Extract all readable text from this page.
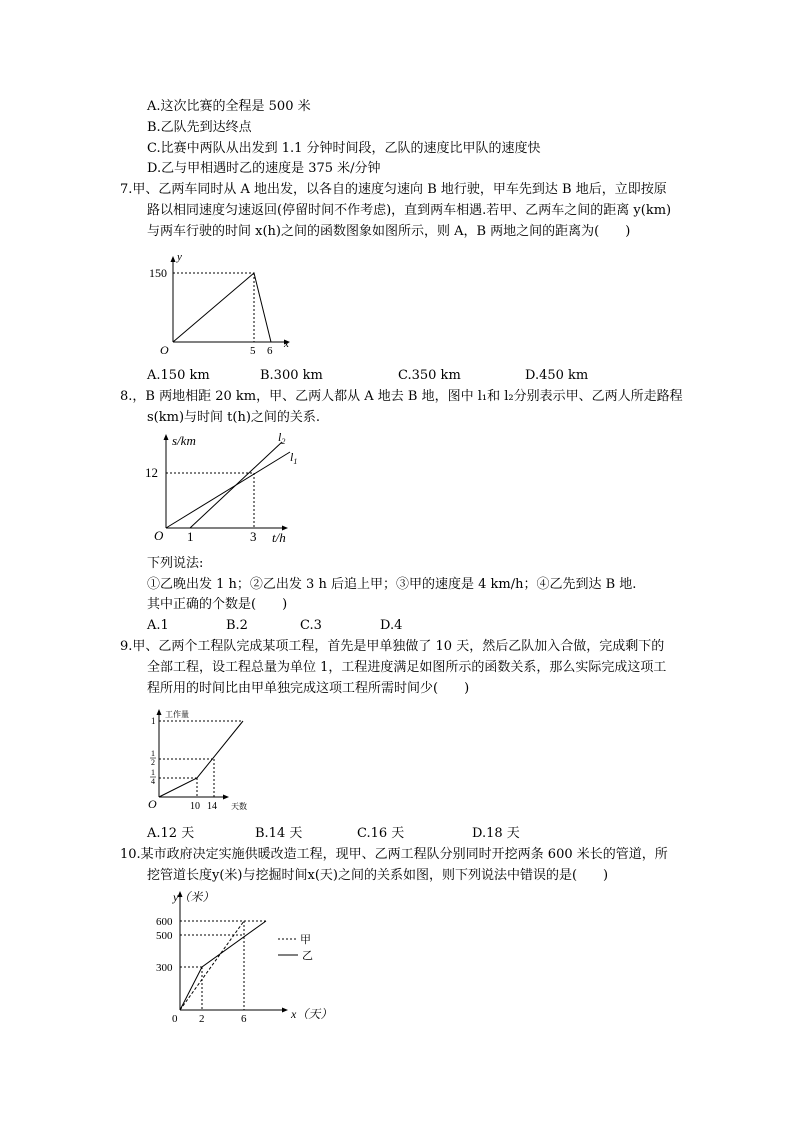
A.这次比赛的全程是 500 米
B.乙队先到达终点
C.比赛中两队从出发到 1.1 分钟时间段，乙队的速度比甲队的速度快
D.乙与甲相遇时乙的速度是 375 米/分钟
7.甲、乙两车同时从 A 地出发，以各自的速度匀速向 B 地行驶，甲车先到达 B 地后，立即按原
路以相同速度匀速返回(停留时间不作考虑)，直到两车相遇.若甲、乙两车之间的距离 y(km)
与两车行驶的时间 x(h)之间的函数图象如图所示，则 A，B 两地之间的距离为(　　)
y
x
O
150
5 6
A.150 km	B.300 km	C.350 km	D.450 km
8.，B 两地相距 20 km，甲、乙两人都从 A 地去 B 地，图中 l₁和 l₂分别表示甲、乙两人所走路程
s(km)与时间 t(h)之间的关系.
s/km
t/h
O
12
1	3
$l_2$
$l_1$
下列说法:
①乙晚出发 1 h；②乙出发 3 h 后追上甲；③甲的速度是 4 km/h；④乙先到达 B 地.
其中正确的个数是(　　)
A.1	B.2	C.3	D.4
9.甲、乙两个工程队完成某项工程，首先是甲单独做了 10 天，然后乙队加入合做，完成剩下的
全部工程，设工程总量为单位 1，工程进度满足如图所示的函数关系，那么实际完成这项工
程所用的时间比由甲单独完成这项工程所需时间少(　　)
工作量
天数
O
1
1
2
1
4
10 14
A.12 天	B.14 天	C.16 天	D.18 天
10.某市政府决定实施供暖改造工程，现甲、乙两工程队分别同时开挖两条 600 米长的管道，所
挖管道长度y(米)与挖掘时间x(天)之间的关系如图，则下列说法中错误的是(　　)
y（米）
x（天）
0
600
500
300
2	6
甲
乙
